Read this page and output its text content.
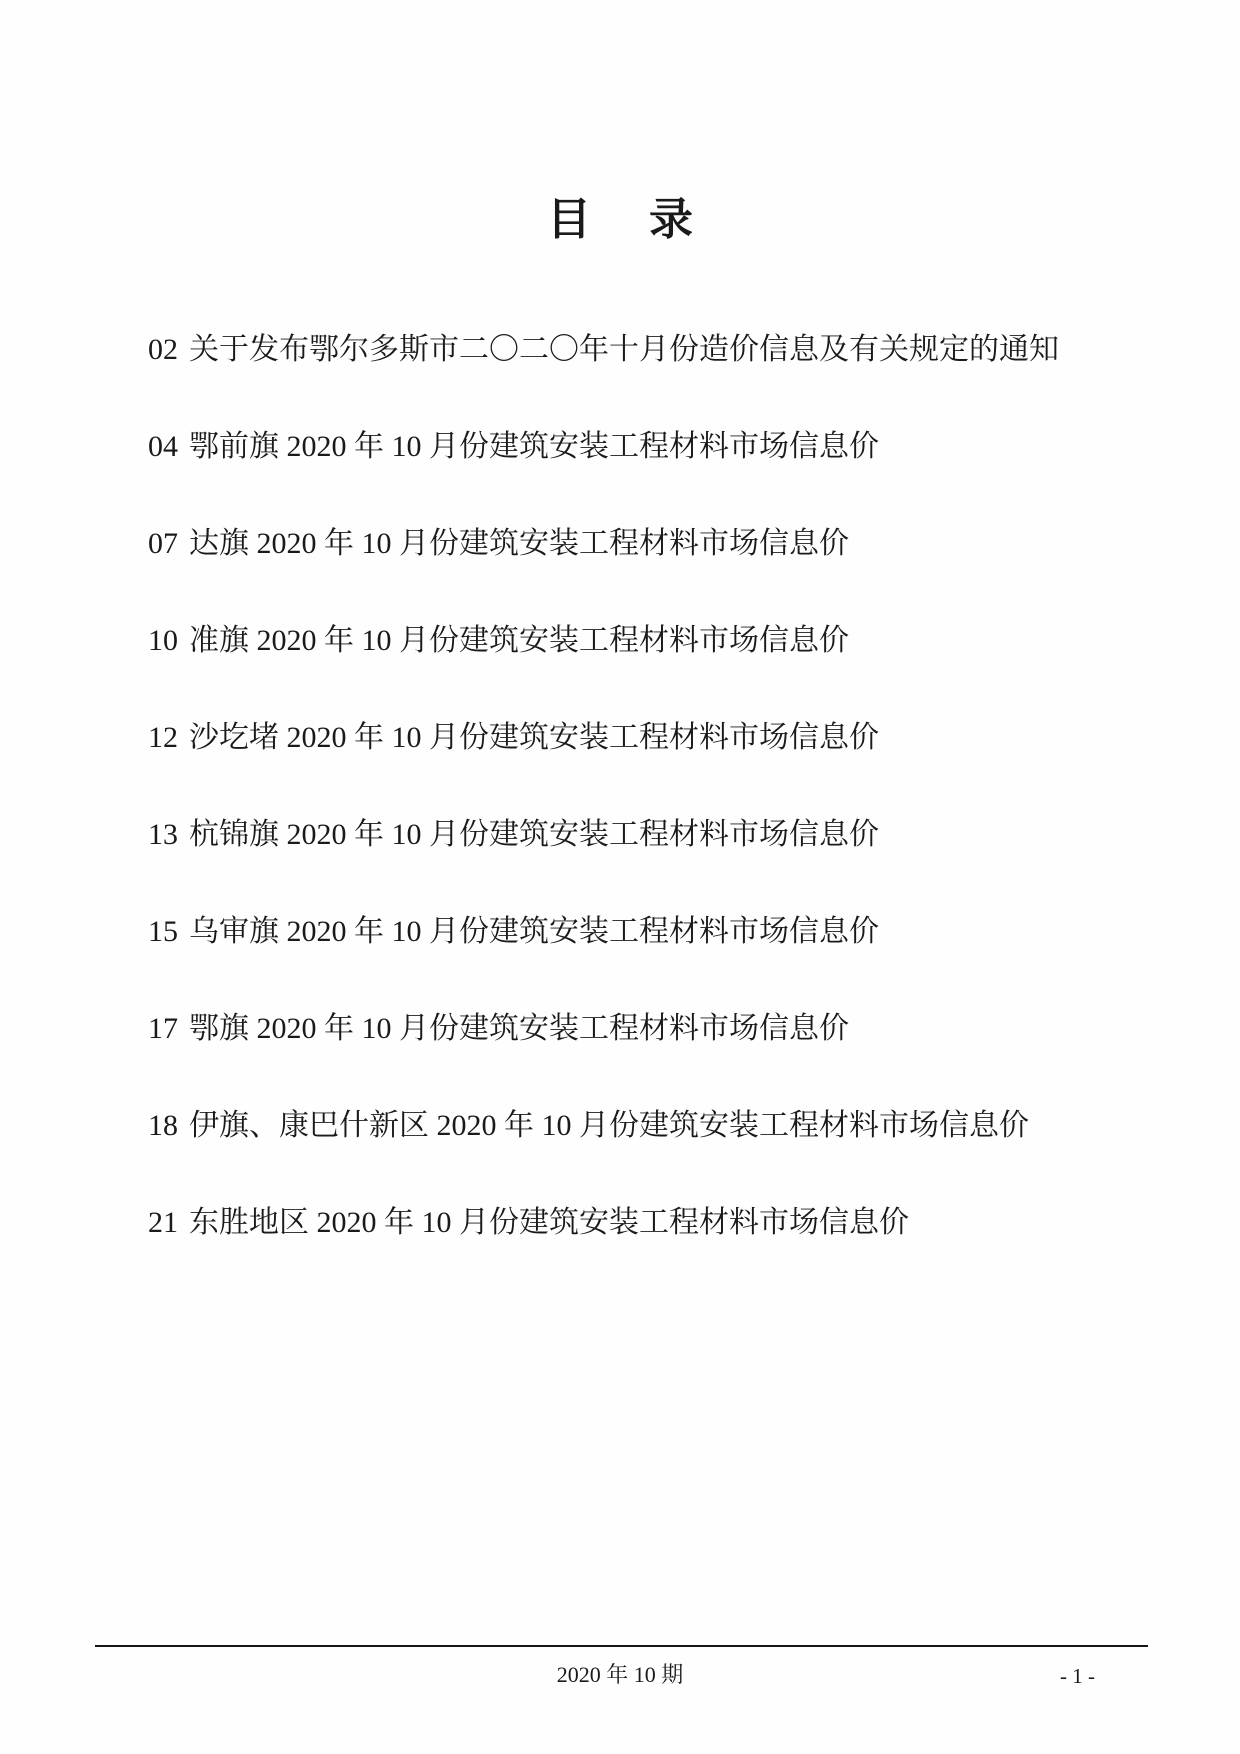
目 录
02 关于发布鄂尔多斯市二〇二〇年十月份造价信息及有关规定的通知
04 鄂前旗 2020 年 10 月份建筑安装工程材料市场信息价
07 达旗 2020 年 10 月份建筑安装工程材料市场信息价
10 准旗 2020 年 10 月份建筑安装工程材料市场信息价
12 沙圪堵 2020 年 10 月份建筑安装工程材料市场信息价
13 杭锦旗 2020 年 10 月份建筑安装工程材料市场信息价
15 乌审旗 2020 年 10 月份建筑安装工程材料市场信息价
17 鄂旗 2020 年 10 月份建筑安装工程材料市场信息价
18 伊旗、康巴什新区 2020 年 10 月份建筑安装工程材料市场信息价
21 东胜地区 2020 年 10 月份建筑安装工程材料市场信息价
2020 年 10 期	- 1 -
